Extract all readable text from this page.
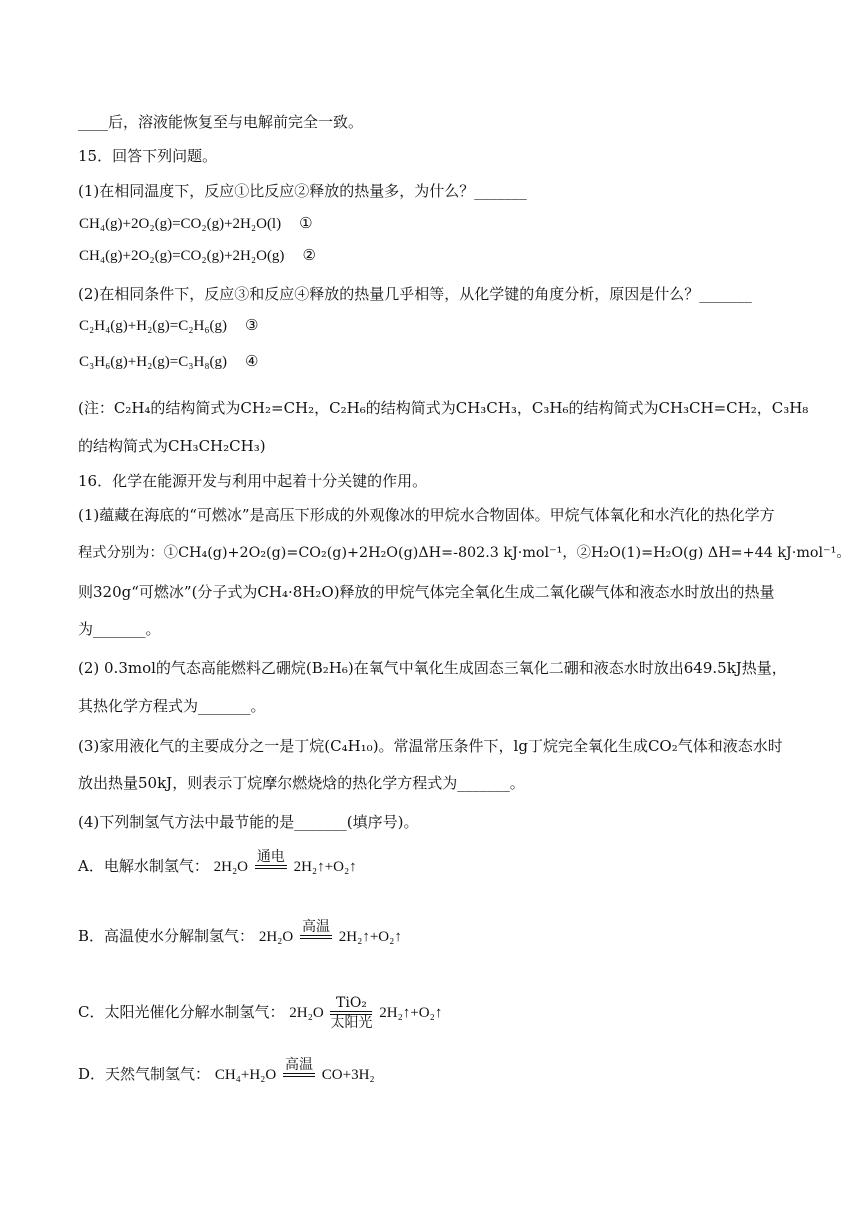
____后，溶液能恢复至与电解前完全一致。
15．回答下列问题。
(1)在相同温度下，反应①比反应②释放的热量多，为什么？_______
CH₄(g)+2O₂(g)=CO₂(g)+2H₂O(l) ①
CH₄(g)+2O₂(g)=CO₂(g)+2H₂O(g) ②
(2)在相同条件下，反应③和反应④释放的热量几乎相等，从化学键的角度分析，原因是什么？_______
C₂H₄(g)+H₂(g)=C₂H₆(g) ③
C₃H₆(g)+H₂(g)=C₃H₈(g) ④
(注：C₂H₄的结构简式为CH₂=CH₂，C₂H₆的结构简式为CH₃CH₃，C₃H₆的结构简式为CH₃CH=CH₂，C₃H₈
的结构简式为CH₃CH₂CH₃)
16．化学在能源开发与利用中起着十分关键的作用。
(1)蕴藏在海底的“可燃冰”是高压下形成的外观像冰的甲烷水合物固体。甲烷气体氧化和水汽化的热化学方
程式分别为：①CH₄(g)+2O₂(g)=CO₂(g)+2H₂O(g)ΔH=-802.3 kJ·mol⁻¹，②H₂O(1)=H₂O(g) ΔH=+44 kJ·mol⁻¹。
则320g“可燃冰”(分子式为CH₄·8H₂O)释放的甲烷气体完全氧化生成二氧化碳气体和液态水时放出的热量
为_______。
(2) 0.3mol的气态高能燃料乙硼烷(B₂H₆)在氧气中氧化生成固态三氧化二硼和液态水时放出649.5kJ热量，
其热化学方程式为_______。
(3)家用液化气的主要成分之一是丁烷(C₄H₁₀)。常温常压条件下，lg丁烷完全氧化生成CO₂气体和液态水时
放出热量50kJ，则表示丁烷摩尔燃烧焓的热化学方程式为_______。
(4)下列制氢气方法中最节能的是_______(填序号)。
A．电解水制氢气： 2H₂O
通电
2H₂↑+O₂↑
B．高温使水分解制氢气： 2H₂O
高温
2H₂↑+O₂↑
C．太阳光催化分解水制氢气： 2H₂O
TiO₂
太阳光
2H₂↑+O₂↑
D．天然气制氢气： CH₄+H₂O
高温
CO+3H₂
